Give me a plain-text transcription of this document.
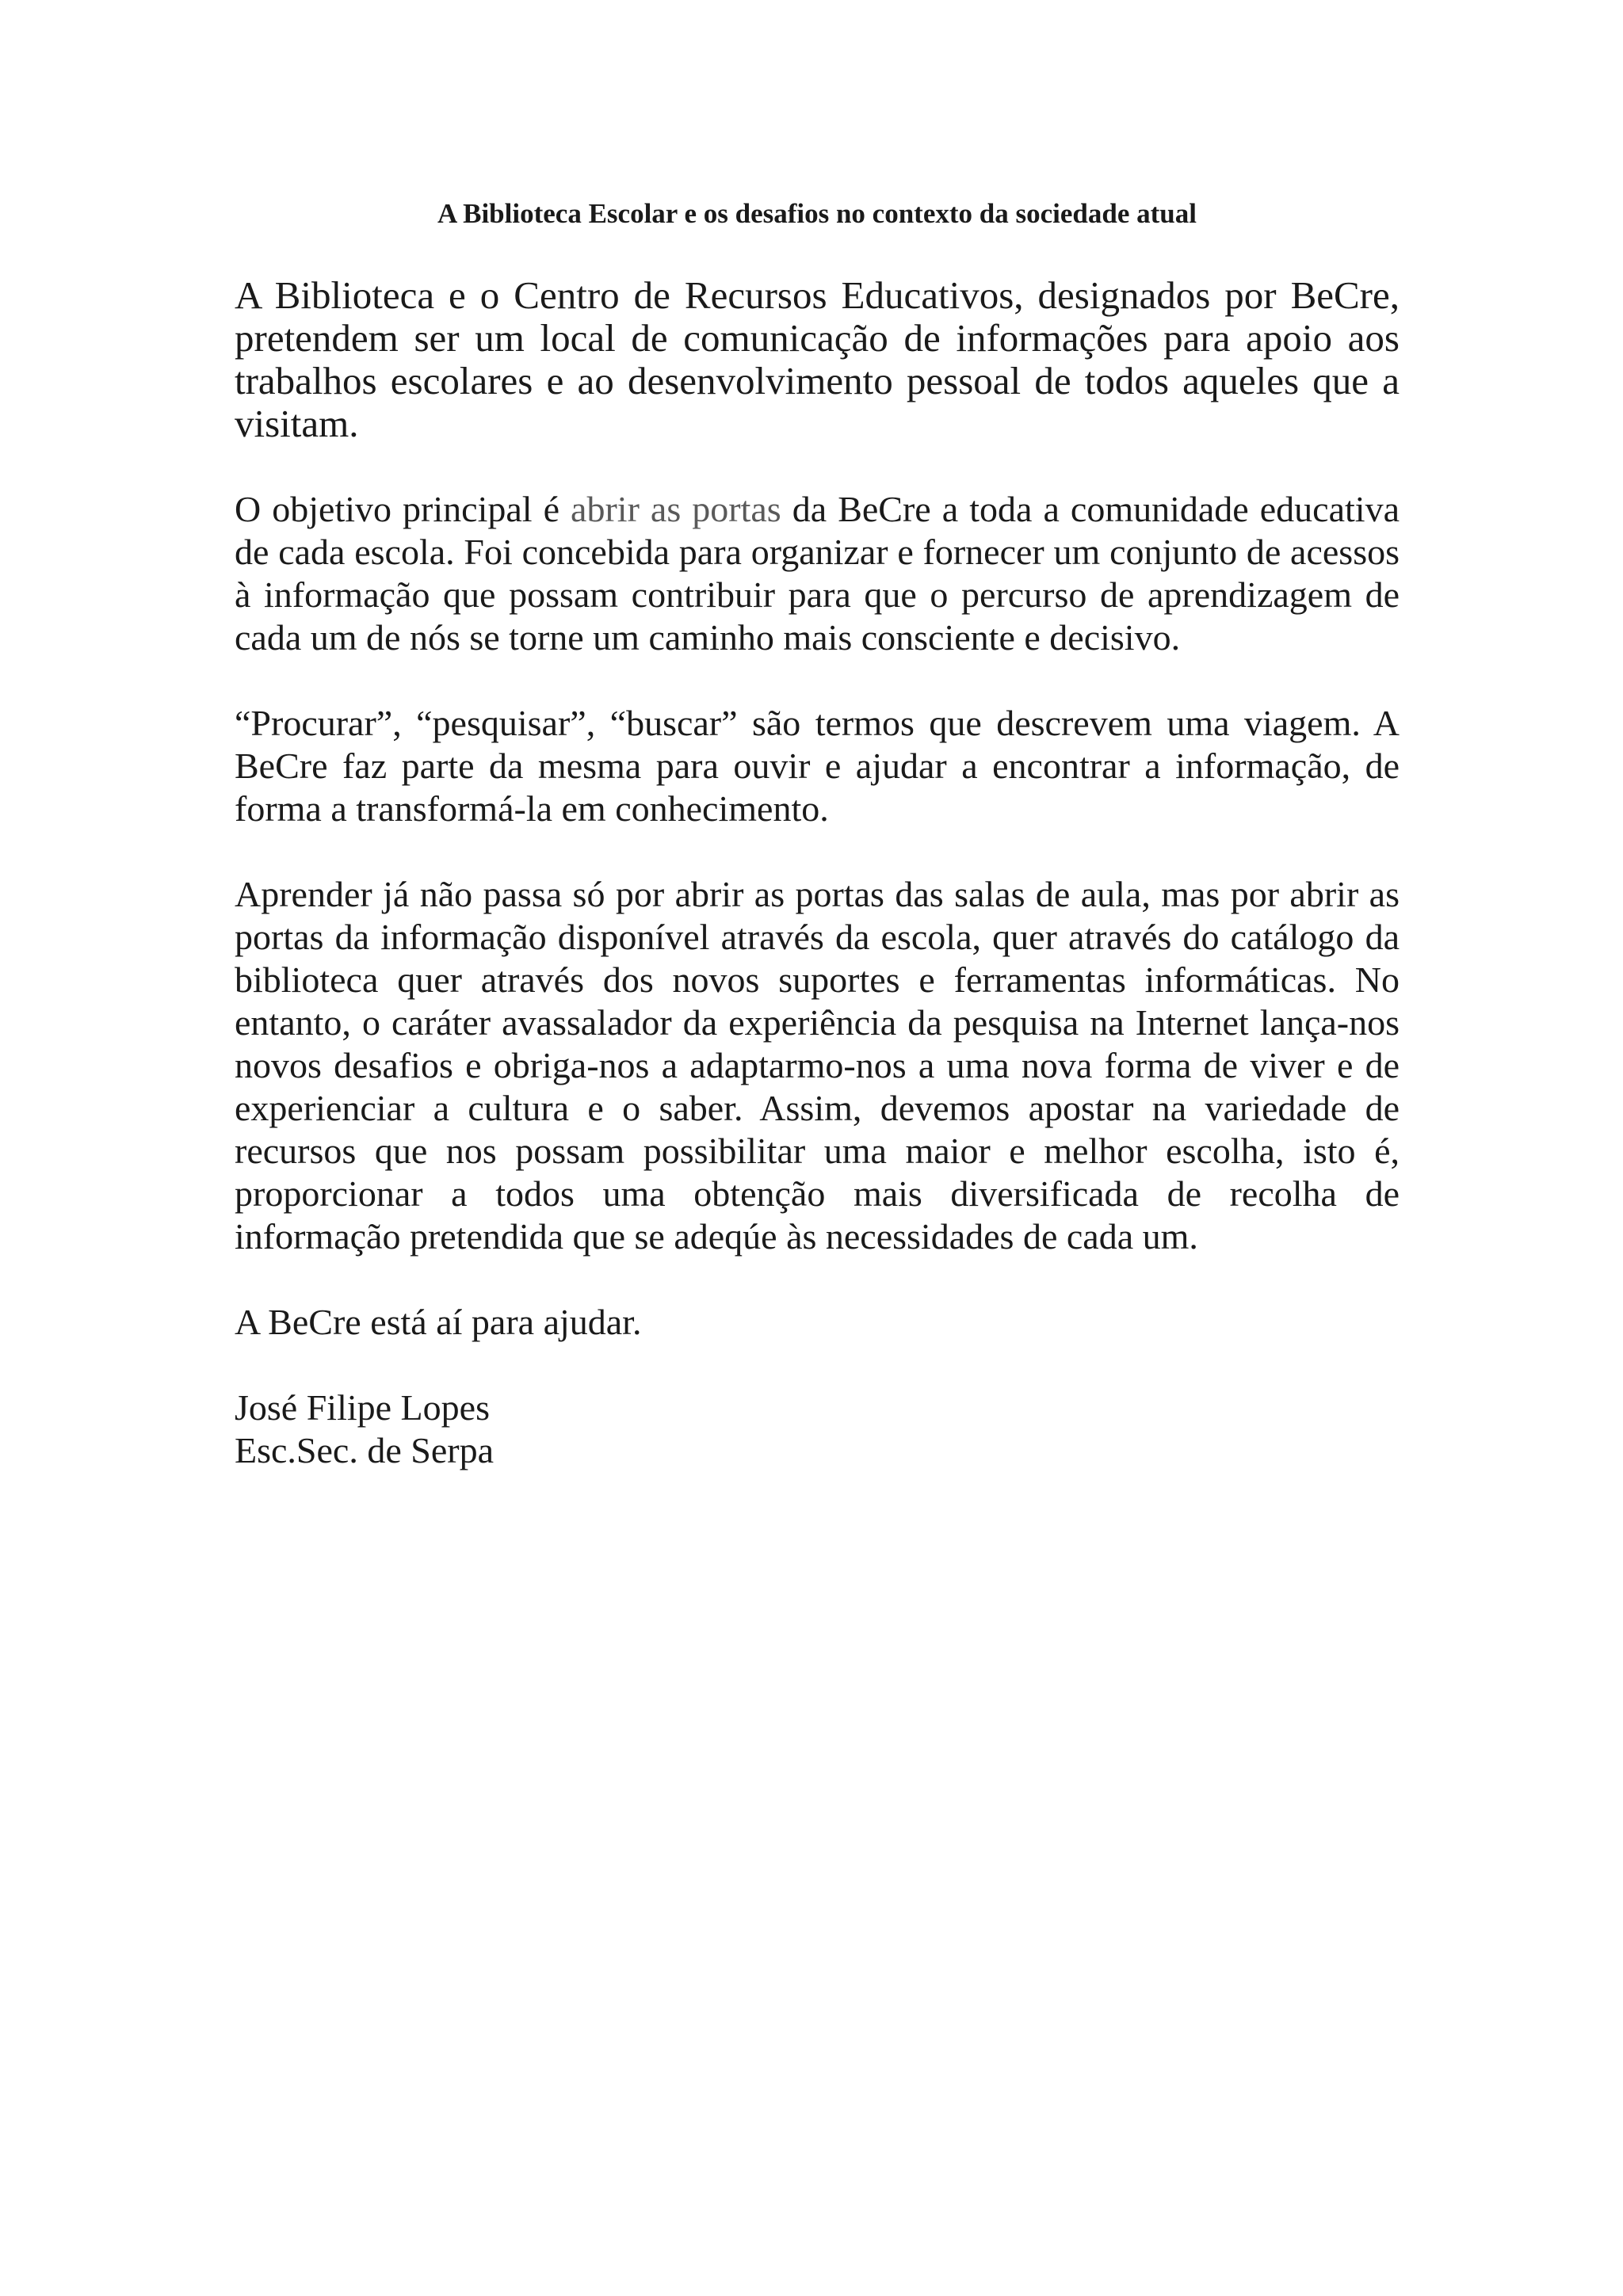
A Biblioteca Escolar e os desafios no contexto da sociedade atual

A Biblioteca e o Centro de Recursos Educativos, designados por BeCre, pretendem ser um local de comunicação de informações para apoio aos trabalhos escolares e ao desenvolvimento pessoal de todos aqueles que a visitam.

O objetivo principal é abrir as portas da BeCre a toda a comunidade educativa de cada escola. Foi concebida para organizar e fornecer um conjunto de acessos à informação que possam contribuir para que o percurso de aprendizagem de cada um de nós se torne um caminho mais consciente e decisivo.

“Procurar”, “pesquisar”, “buscar” são termos que descrevem uma viagem. A BeCre faz parte da mesma para ouvir e ajudar a encontrar a informação, de forma a transformá-la em conhecimento.

Aprender já não passa só por abrir as portas das salas de aula, mas por abrir as portas da informação disponível através da escola, quer através do catálogo da biblioteca quer através dos novos suportes e ferramentas informáticas. No entanto, o caráter avassalador da experiência da pesquisa na Internet lança-nos novos desafios e obriga-nos a adaptarmo-nos a uma nova forma de viver e de experienciar a cultura e o saber. Assim, devemos apostar na variedade de recursos que nos possam possibilitar uma maior e melhor escolha, isto é, proporcionar a todos uma obtenção mais diversificada de recolha de informação pretendida que se adeqúe às necessidades de cada um.

A BeCre está aí para ajudar.

José Filipe Lopes
Esc.Sec. de Serpa
